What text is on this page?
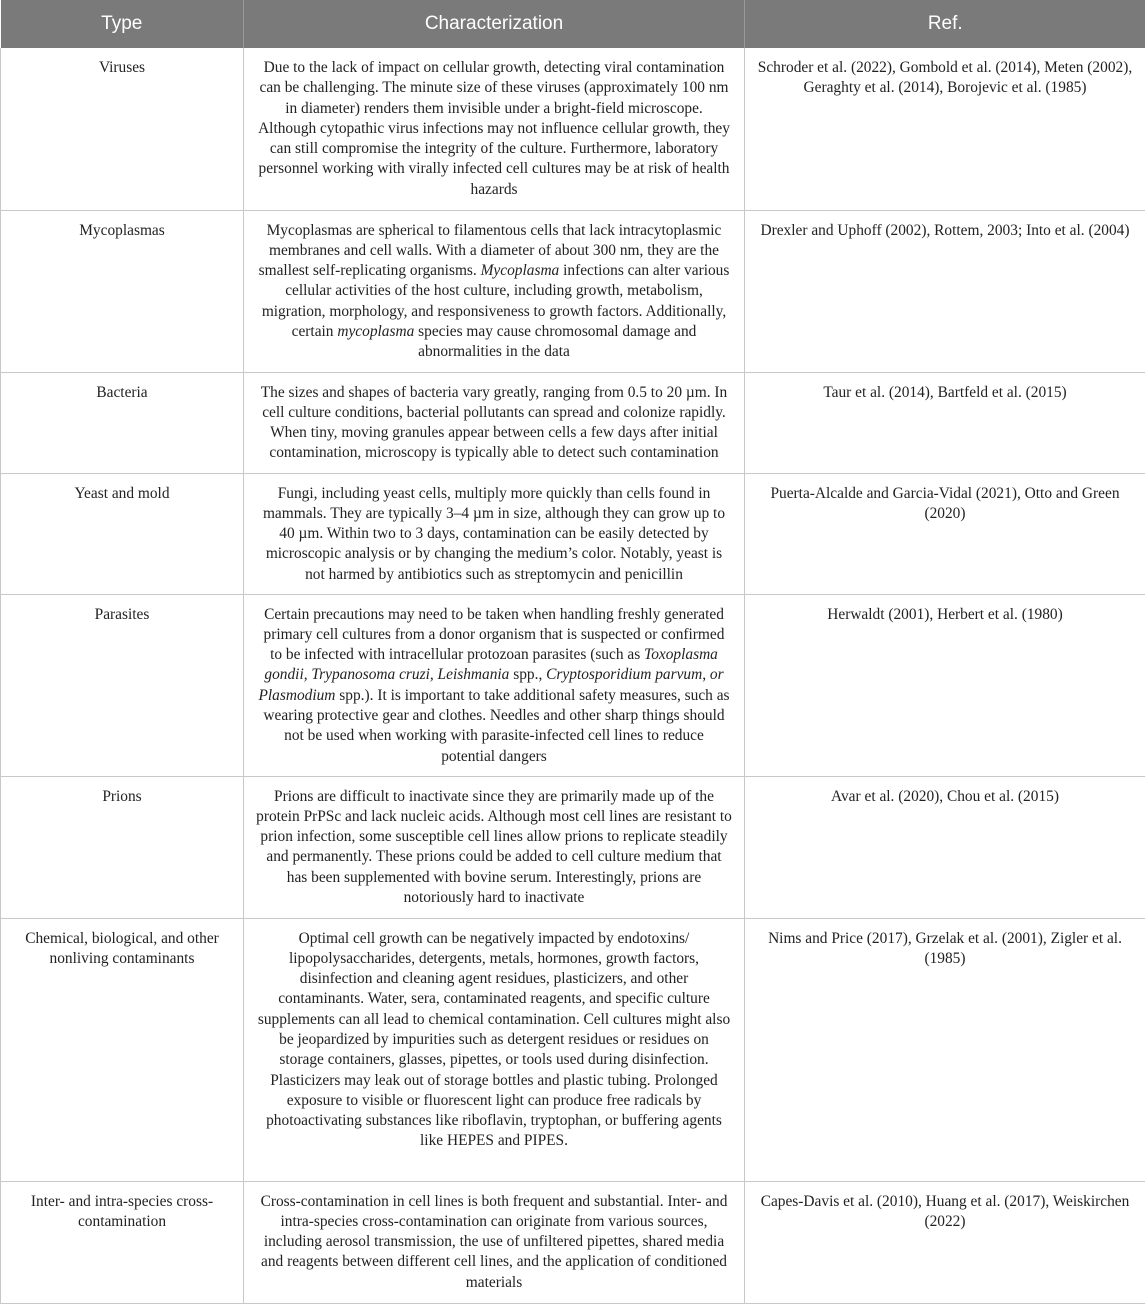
Type	Characterization	Ref.
Viruses	Due to the lack of impact on cellular growth, detecting viral contamination can be challenging. The minute size of these viruses (approximately 100 nm in diameter) renders them invisible under a bright-field microscope. Although cytopathic virus infections may not influence cellular growth, they can still compromise the integrity of the culture. Furthermore, laboratory personnel working with virally infected cell cultures may be at risk of health hazards	Schroder et al. (2022), Gombold et al. (2014), Meten (2002), Geraghty et al. (2014), Borojevic et al. (1985)
Mycoplasmas	Mycoplasmas are spherical to filamentous cells that lack intracytoplasmic membranes and cell walls. With a diameter of about 300 nm, they are the smallest self-replicating organisms. Mycoplasma infections can alter various cellular activities of the host culture, including growth, metabolism, migration, morphology, and responsiveness to growth factors. Additionally, certain mycoplasma species may cause chromosomal damage and abnormalities in the data	Drexler and Uphoff (2002), Rottem, 2003; Into et al. (2004)
Bacteria	The sizes and shapes of bacteria vary greatly, ranging from 0.5 to 20 µm. In cell culture conditions, bacterial pollutants can spread and colonize rapidly. When tiny, moving granules appear between cells a few days after initial contamination, microscopy is typically able to detect such contamination	Taur et al. (2014), Bartfeld et al. (2015)
Yeast and mold	Fungi, including yeast cells, multiply more quickly than cells found in mammals. They are typically 3–4 µm in size, although they can grow up to 40 µm. Within two to 3 days, contamination can be easily detected by microscopic analysis or by changing the medium’s color. Notably, yeast is not harmed by antibiotics such as streptomycin and penicillin	Puerta-Alcalde and Garcia-Vidal (2021), Otto and Green (2020)
Parasites	Certain precautions may need to be taken when handling freshly generated primary cell cultures from a donor organism that is suspected or confirmed to be infected with intracellular protozoan parasites (such as Toxoplasma gondii, Trypanosoma cruzi, Leishmania spp., Cryptosporidium parvum, or Plasmodium spp.). It is important to take additional safety measures, such as wearing protective gear and clothes. Needles and other sharp things should not be used when working with parasite-infected cell lines to reduce potential dangers	Herwaldt (2001), Herbert et al. (1980)
Prions	Prions are difficult to inactivate since they are primarily made up of the protein PrPSc and lack nucleic acids. Although most cell lines are resistant to prion infection, some susceptible cell lines allow prions to replicate steadily and permanently. These prions could be added to cell culture medium that has been supplemented with bovine serum. Interestingly, prions are notoriously hard to inactivate	Avar et al. (2020), Chou et al. (2015)
Chemical, biological, and other nonliving contaminants	Optimal cell growth can be negatively impacted by endotoxins/ lipopolysaccharides, detergents, metals, hormones, growth factors, disinfection and cleaning agent residues, plasticizers, and other contaminants. Water, sera, contaminated reagents, and specific culture supplements can all lead to chemical contamination. Cell cultures might also be jeopardized by impurities such as detergent residues or residues on storage containers, glasses, pipettes, or tools used during disinfection. Plasticizers may leak out of storage bottles and plastic tubing. Prolonged exposure to visible or fluorescent light can produce free radicals by photoactivating substances like riboflavin, tryptophan, or buffering agents like HEPES and PIPES.	Nims and Price (2017), Grzelak et al. (2001), Zigler et al. (1985)
Inter- and intra-species cross-contamination	Cross-contamination in cell lines is both frequent and substantial. Inter- and intra-species cross-contamination can originate from various sources, including aerosol transmission, the use of unfiltered pipettes, shared media and reagents between different cell lines, and the application of conditioned materials	Capes-Davis et al. (2010), Huang et al. (2017), Weiskirchen (2022)
